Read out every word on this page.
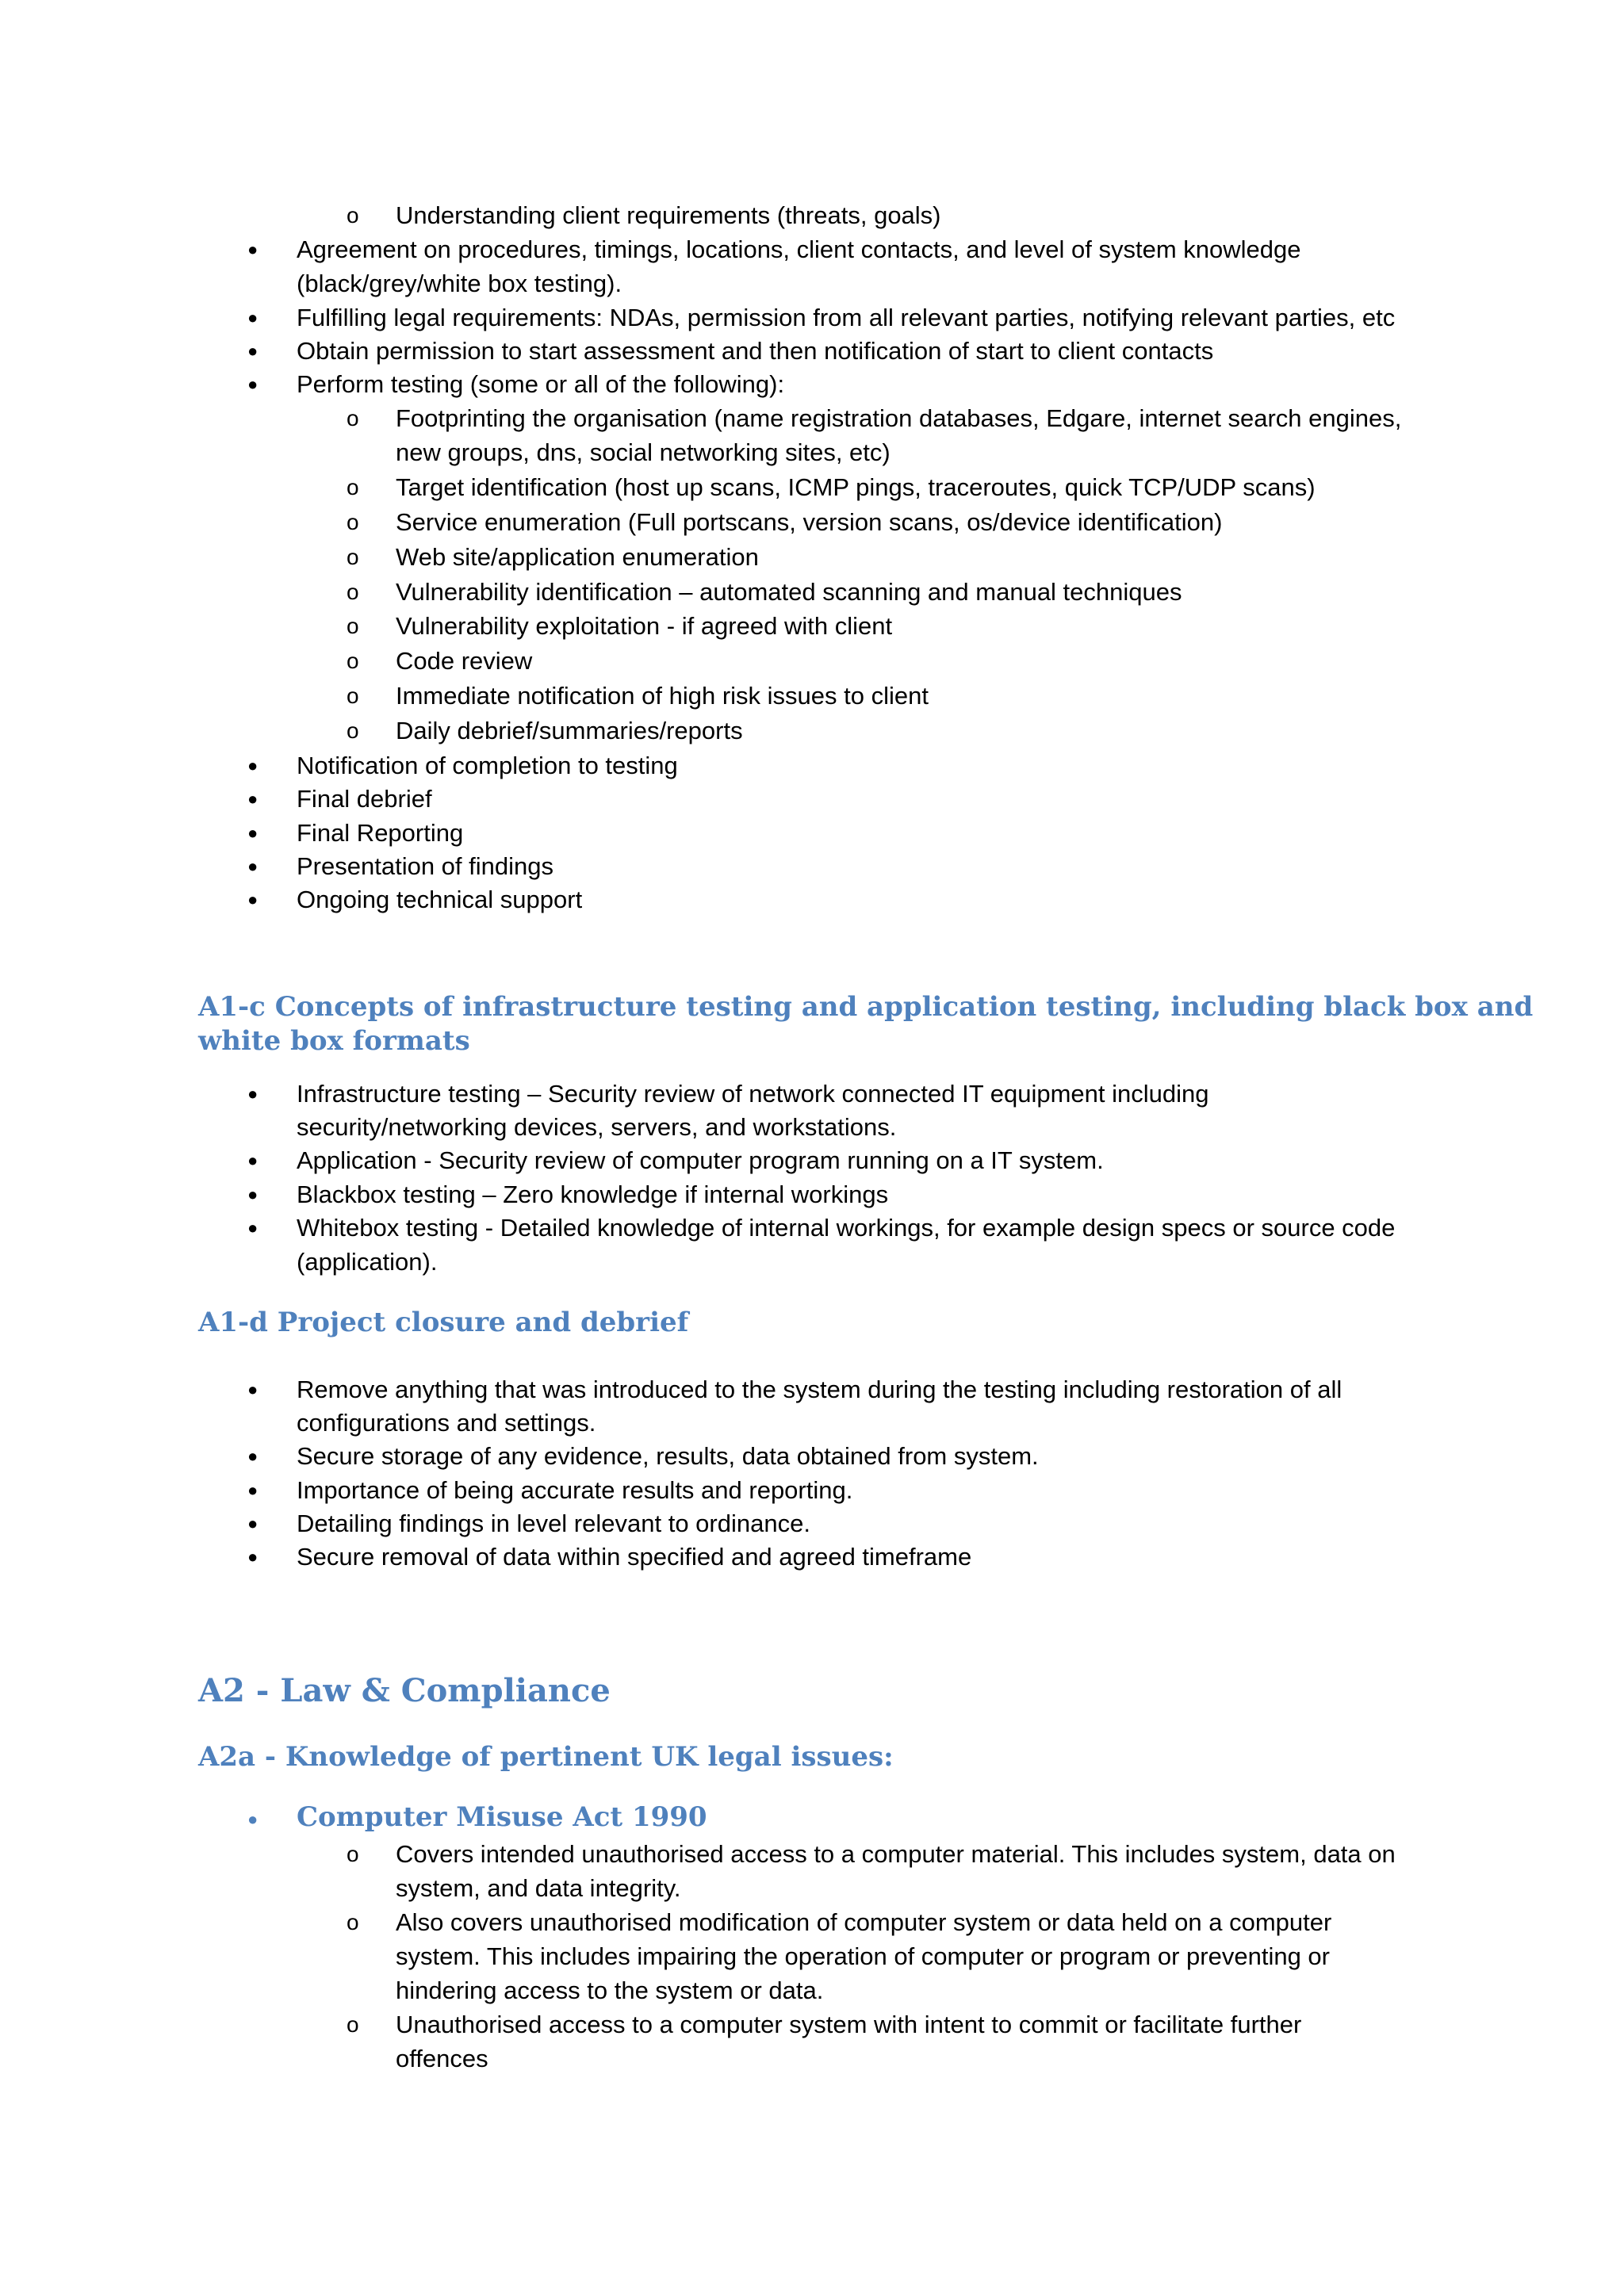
o Understanding client requirements (threats, goals)
● Agreement on procedures, timings, locations, client contacts, and level of system knowledge
(black/grey/white box testing).
● Fulfilling legal requirements: NDAs, permission from all relevant parties, notifying relevant parties, etc
● Obtain permission to start assessment and then notification of start to client contacts
● Perform testing (some or all of the following):
o Footprinting the organisation (name registration databases, Edgare, internet search engines,
new groups, dns, social networking sites, etc)
o Target identification (host up scans, ICMP pings, traceroutes, quick TCP/UDP scans)
o Service enumeration (Full portscans, version scans, os/device identification)
o Web site/application enumeration
o Vulnerability identification – automated scanning and manual techniques
o Vulnerability exploitation - if agreed with client
o Code review
o Immediate notification of high risk issues to client
o Daily debrief/summaries/reports
● Notification of completion to testing
● Final debrief
● Final Reporting
● Presentation of findings
● Ongoing technical support
A1-c Concepts of infrastructure testing and application testing, including black box and
white box formats
● Infrastructure testing – Security review of network connected IT equipment including
security/networking devices, servers, and workstations.
● Application - Security review of computer program running on a IT system.
● Blackbox testing – Zero knowledge if internal workings
● Whitebox testing - Detailed knowledge of internal workings, for example design specs or source code
(application).
A1-d Project closure and debrief
● Remove anything that was introduced to the system during the testing including restoration of all
configurations and settings.
● Secure storage of any evidence, results, data obtained from system.
● Importance of being accurate results and reporting.
● Detailing findings in level relevant to ordinance.
● Secure removal of data within specified and agreed timeframe
A2 - Law & Compliance
A2a - Knowledge of pertinent UK legal issues:
● Computer Misuse Act 1990
o Covers intended unauthorised access to a computer material. This includes system, data on
system, and data integrity.
o Also covers unauthorised modification of computer system or data held on a computer
system. This includes impairing the operation of computer or program or preventing or
hindering access to the system or data.
o Unauthorised access to a computer system with intent to commit or facilitate further
offences
